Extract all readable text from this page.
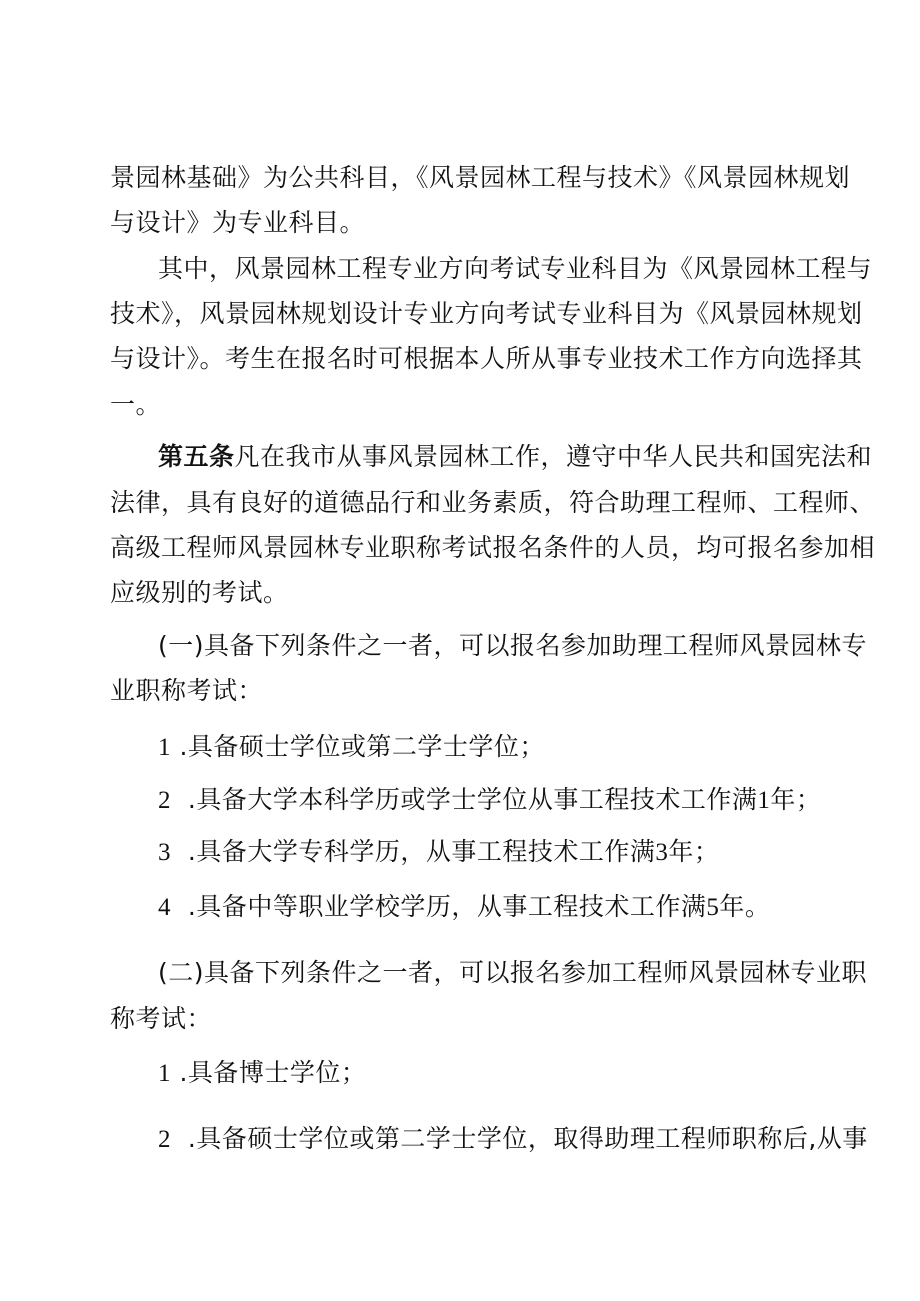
景园林基础》为公共科目，《风景园林工程与技术》《风景园林规划
与设计》为专业科目。
其中，风景园林工程专业方向考试专业科目为《风景园林工程与
技术》，风景园林规划设计专业方向考试专业科目为《风景园林规划
与设计》。考生在报名时可根据本人所从事专业技术工作方向选择其
一。
第五条凡在我市从事风景园林工作，遵守中华人民共和国宪法和
法律，具有良好的道德品行和业务素质，符合助理工程师、工程师、
高级工程师风景园林专业职称考试报名条件的人员，均可报名参加相
应级别的考试。
(一)具备下列条件之一者，可以报名参加助理工程师风景园林专
业职称考试：
1 .具备硕士学位或第二学士学位；
2 .具备大学本科学历或学士学位从事工程技术工作满1年；
3 .具备大学专科学历，从事工程技术工作满3年；
4 .具备中等职业学校学历，从事工程技术工作满5年。
(二)具备下列条件之一者，可以报名参加工程师风景园林专业职
称考试：
1 .具备博士学位；
2 .具备硕士学位或第二学士学位，取得助理工程师职称后,从事
